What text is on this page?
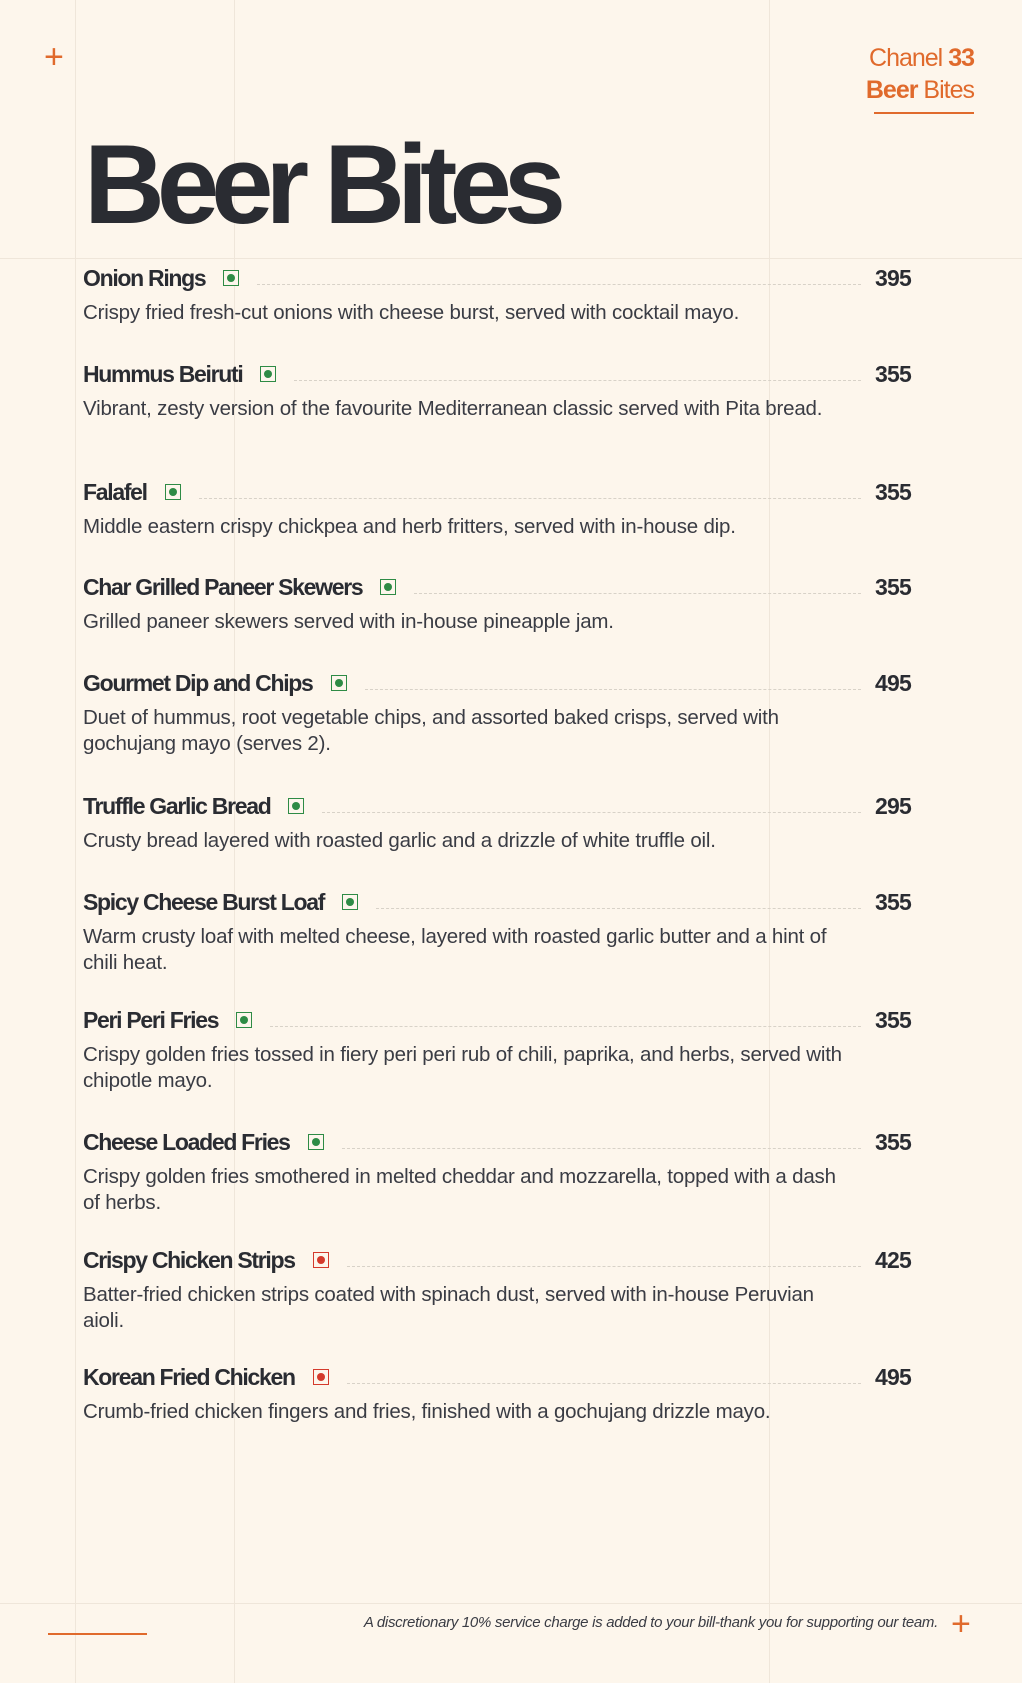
+	Chanel 33
Beer Bites
Beer Bites
Onion Rings	395

Crispy fried fresh-cut onions with cheese burst, served with cocktail mayo.

Hummus Beiruti	355

Vibrant, zesty version of the favourite Mediterranean classic served with Pita bread.

Falafel	355

Middle eastern crispy chickpea and herb fritters, served with in-house dip.

Char Grilled Paneer Skewers	355

Grilled paneer skewers served with in-house pineapple jam.

Gourmet Dip and Chips	495

Duet of hummus, root vegetable chips, and assorted baked crisps, served with gochujang mayo (serves 2).

Truffle Garlic Bread	295

Crusty bread layered with roasted garlic and a drizzle of white truffle oil.

Spicy Cheese Burst Loaf	355

Warm crusty loaf with melted cheese, layered with roasted garlic butter and a hint of chili heat.

Peri Peri Fries	355

Crispy golden fries tossed in fiery peri peri rub of chili, paprika, and herbs, served with chipotle mayo.

Cheese Loaded Fries	355

Crispy golden fries smothered in melted cheddar and mozzarella, topped with a dash of herbs.

Crispy Chicken Strips	425

Batter-fried chicken strips coated with spinach dust, served with in-house Peruvian aioli.

Korean Fried Chicken	495

Crumb-fried chicken fingers and fries, finished with a gochujang drizzle mayo.

A discretionary 10% service charge is added to your bill-thank you for supporting our team. +
